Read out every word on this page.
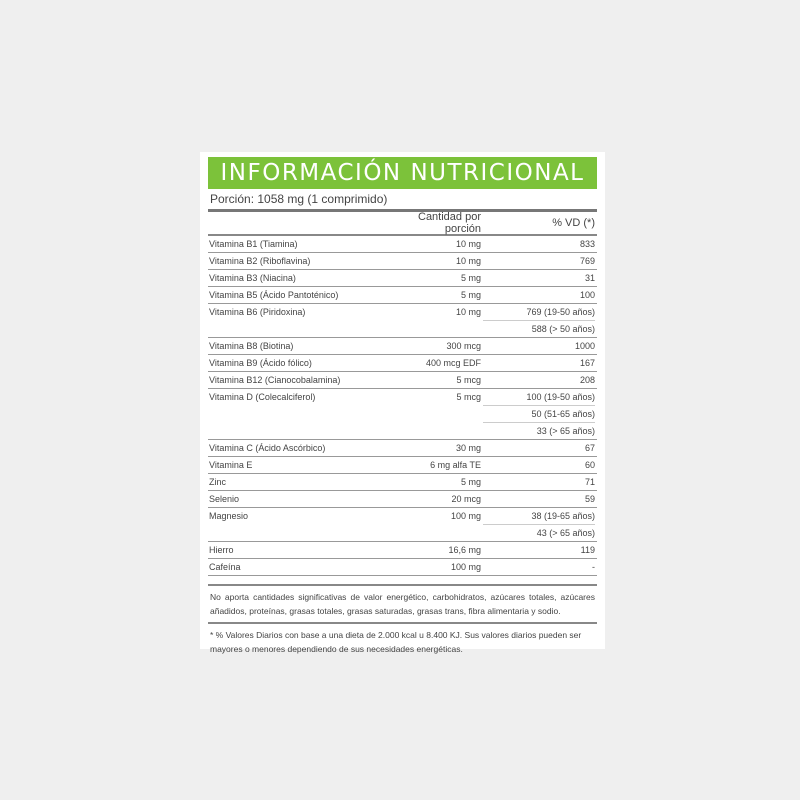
INFORMACIÓN NUTRICIONAL
Porción: 1058 mg (1 comprimido)
Cantidad por porción	% VD (*)
Vitamina B1 (Tiamina)	10 mg	833
Vitamina B2 (Riboflavina)	10 mg	769
Vitamina B3 (Niacina)	5 mg	31
Vitamina B5 (Ácido Pantoténico)	5 mg	100
Vitamina B6 (Piridoxina)	10 mg	769 (19-50 años)
588 (> 50 años)
Vitamina B8 (Biotina)	300 mcg	1000
Vitamina B9 (Ácido fólico)	400 mcg EDF	167
Vitamina B12 (Cianocobalamina)	5 mcg	208
Vitamina D (Colecalciferol)	5 mcg	100 (19-50 años)
50 (51-65 años)
33 (> 65 años)
Vitamina C (Ácido Ascórbico)	30 mg	67
Vitamina E	6 mg alfa TE	60
Zinc	5 mg	71
Selenio	20 mcg	59
Magnesio	100 mg	38 (19-65 años)
43 (> 65 años)
Hierro	16,6 mg	119
Cafeína	100 mg	-
No aporta cantidades significativas de valor energético, carbohidratos, azúcares totales, azúcares añadidos, proteínas, grasas totales, grasas saturadas, grasas trans, fibra alimentaria y sodio.
* % Valores Diarios con base a una dieta de 2.000 kcal u 8.400 KJ. Sus valores diarios pueden ser mayores o menores dependiendo de sus necesidades energéticas.
